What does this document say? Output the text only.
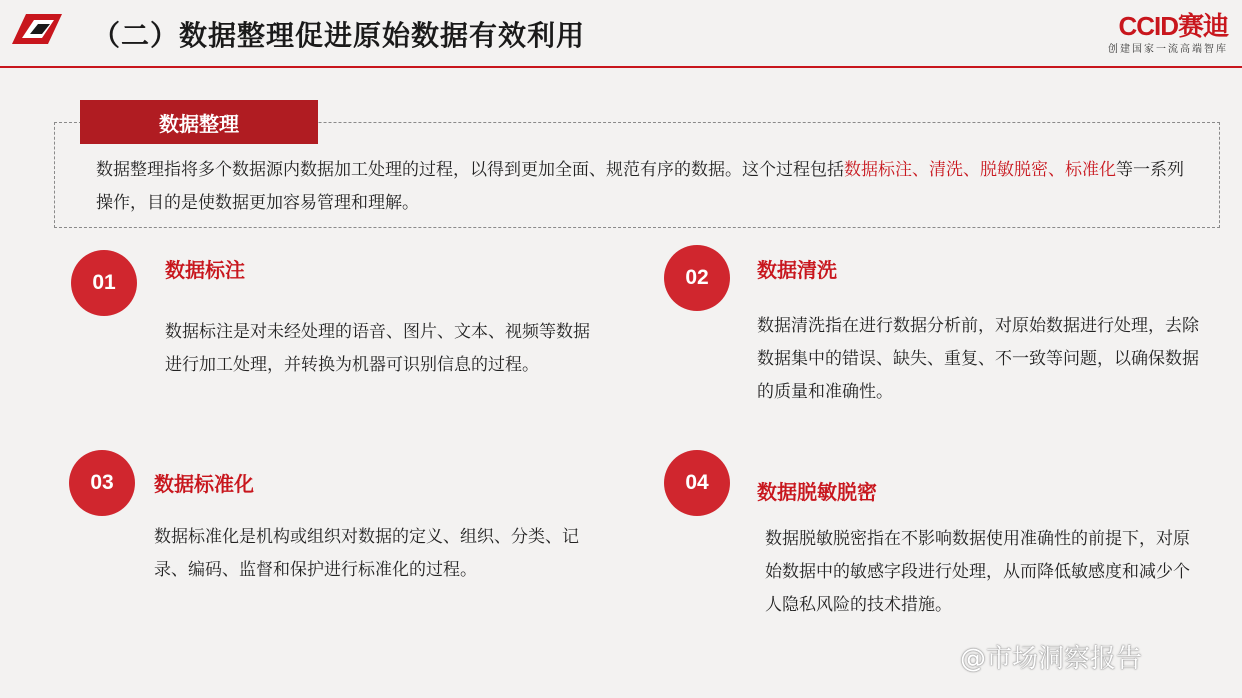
（二）数据整理促进原始数据有效利用	CCID赛迪
创建国家一流高端智库
数据整理
数据整理指将多个数据源内数据加工处理的过程，以得到更加全面、规范有序的数据。这个过程包括数据标注、清洗、脱敏脱密、标准化等一系列操作，目的是使数据更加容易管理和理解。
01
数据标注
数据标注是对未经处理的语音、图片、文本、视频等数据进行加工处理，并转换为机器可识别信息的过程。
02	数据清洗
数据清洗指在进行数据分析前，对原始数据进行处理，去除数据集中的错误、缺失、重复、不一致等问题，以确保数据的质量和准确性。
03	数据标准化
数据标准化是机构或组织对数据的定义、组织、分类、记录、编码、监督和保护进行标准化的过程。
04	数据脱敏脱密
数据脱敏脱密指在不影响数据使用准确性的前提下，对原始数据中的敏感字段进行处理，从而降低敏感度和减少个人隐私风险的技术措施。
@市场洞察报告
